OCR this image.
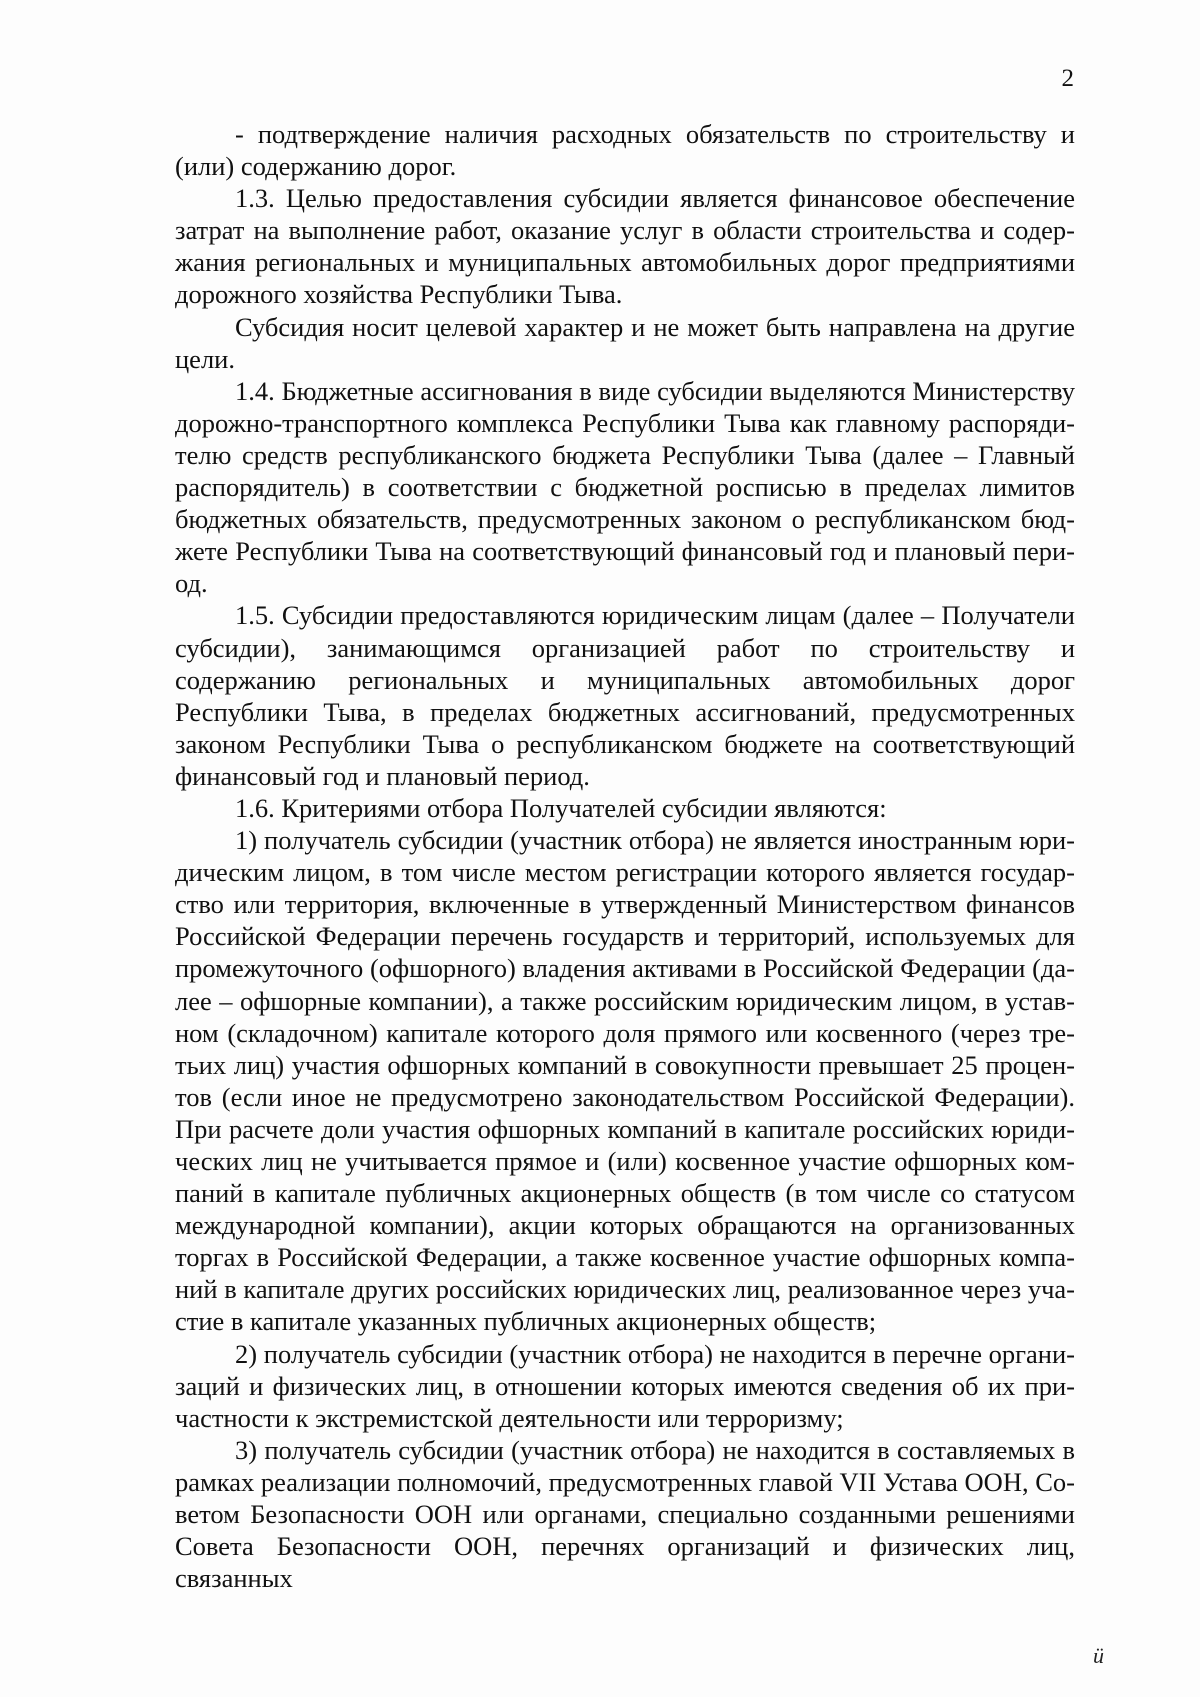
2

- подтверждение наличия расходных обязательств по строительству и (или) содержанию дорог.

1.3. Целью предоставления субсидии является финансовое обеспечение затрат на выполнение работ, оказание услуг в области строительства и содержания региональных и муниципальных автомобильных дорог предприятиями дорожного хозяйства Республики Тыва.

Субсидия носит целевой характер и не может быть направлена на другие цели.

1.4. Бюджетные ассигнования в виде субсидии выделяются Министерству дорожно-транспортного комплекса Республики Тыва как главному распорядителю средств республиканского бюджета Республики Тыва (далее – Главный распорядитель) в соответствии с бюджетной росписью в пределах лимитов бюджетных обязательств, предусмотренных законом о республиканском бюджете Республики Тыва на соответствующий финансовый год и плановый период.

1.5. Субсидии предоставляются юридическим лицам (далее – Получатели субсидии), занимающимся организацией работ по строительству и содержанию региональных и муниципальных автомобильных дорог Республики Тыва, в пределах бюджетных ассигнований, предусмотренных законом Республики Тыва о республиканском бюджете на соответствующий финансовый год и плановый период.

1.6. Критериями отбора Получателей субсидии являются:

1) получатель субсидии (участник отбора) не является иностранным юридическим лицом, в том числе местом регистрации которого является государство или территория, включенные в утвержденный Министерством финансов Российской Федерации перечень государств и территорий, используемых для промежуточного (офшорного) владения активами в Российской Федерации (далее – офшорные компании), а также российским юридическим лицом, в уставном (складочном) капитале которого доля прямого или косвенного (через третьих лиц) участия офшорных компаний в совокупности превышает 25 процентов (если иное не предусмотрено законодательством Российской Федерации). При расчете доли участия офшорных компаний в капитале российских юридических лиц не учитывается прямое и (или) косвенное участие офшорных компаний в капитале публичных акционерных обществ (в том числе со статусом международной компании), акции которых обращаются на организованных торгах в Российской Федерации, а также косвенное участие офшорных компаний в капитале других российских юридических лиц, реализованное через участие в капитале указанных публичных акционерных обществ;

2) получатель субсидии (участник отбора) не находится в перечне организаций и физических лиц, в отношении которых имеются сведения об их причастности к экстремистской деятельности или терроризму;

3) получатель субсидии (участник отбора) не находится в составляемых в рамках реализации полномочий, предусмотренных главой VII Устава ООН, Советом Безопасности ООН или органами, специально созданными решениями Совета Безопасности ООН, перечнях организаций и физических лиц, связанных

ü
